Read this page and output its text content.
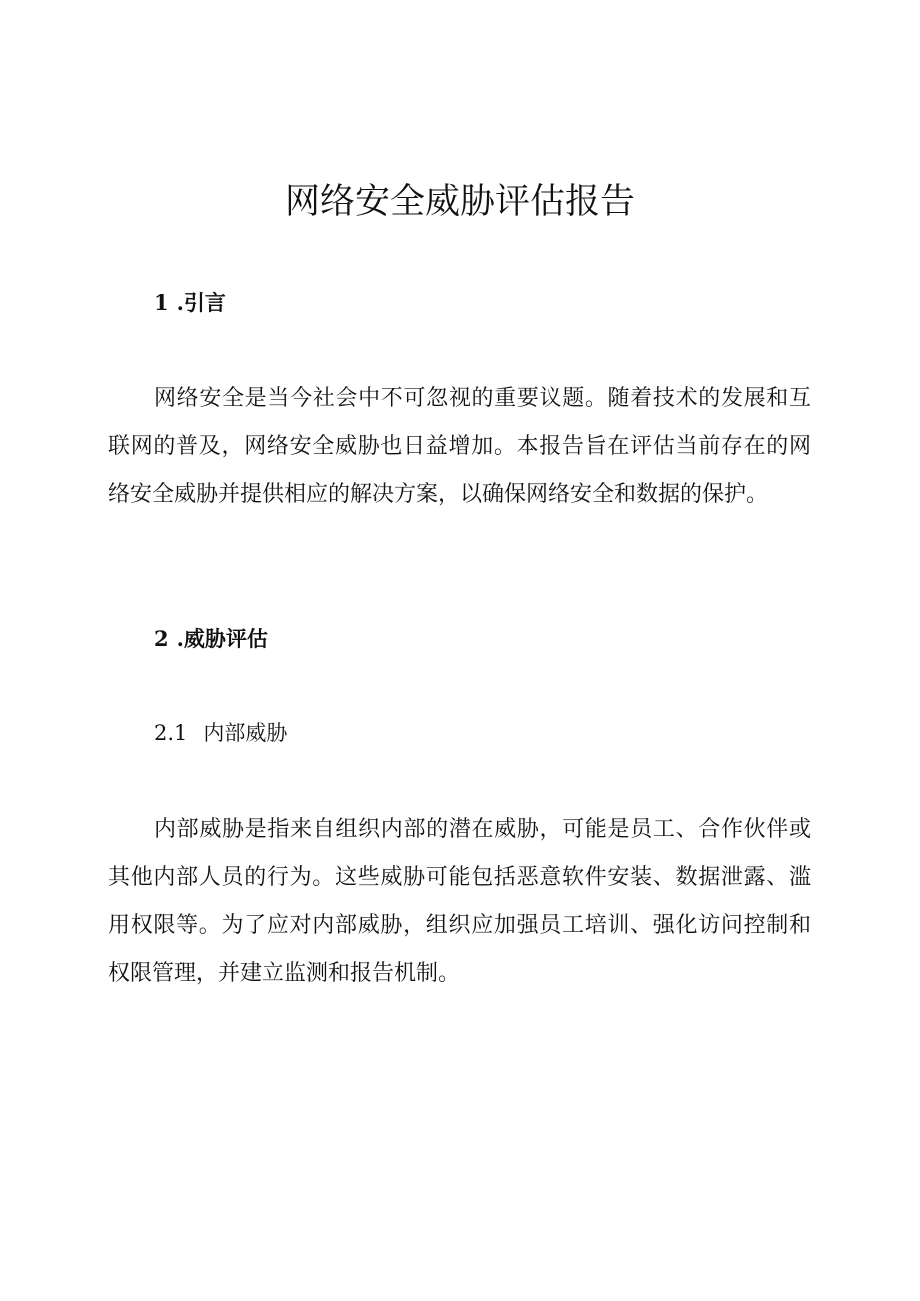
网络安全威胁评估报告
1 .引言

网络安全是当今社会中不可忽视的重要议题。随着技术的发展和互联网的普及，网络安全威胁也日益增加。本报告旨在评估当前存在的网络安全威胁并提供相应的解决方案，以确保网络安全和数据的保护。

2 .威胁评估
2.1 内部威胁

内部威胁是指来自组织内部的潜在威胁，可能是员工、合作伙伴或其他内部人员的行为。这些威胁可能包括恶意软件安装、数据泄露、滥用权限等。为了应对内部威胁，组织应加强员工培训、强化访问控制和权限管理，并建立监测和报告机制。
